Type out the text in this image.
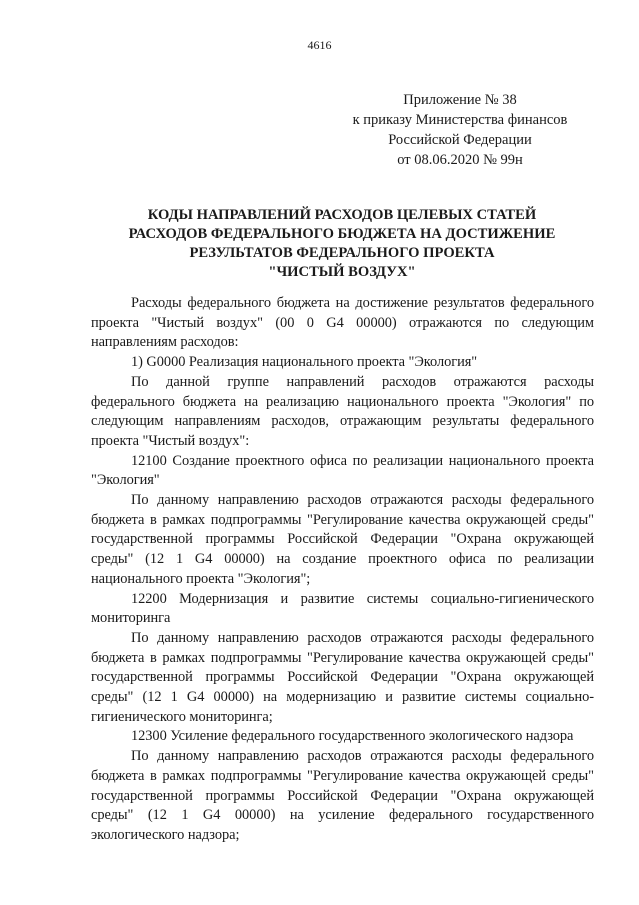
4616
Приложение № 38
к приказу Министерства финансов
Российской Федерации
от 08.06.2020 № 99н
КОДЫ НАПРАВЛЕНИЙ РАСХОДОВ ЦЕЛЕВЫХ СТАТЕЙ
РАСХОДОВ ФЕДЕРАЛЬНОГО БЮДЖЕТА НА ДОСТИЖЕНИЕ
РЕЗУЛЬТАТОВ ФЕДЕРАЛЬНОГО ПРОЕКТА
"ЧИСТЫЙ ВОЗДУХ"

Расходы федерального бюджета на достижение результатов федерального проекта "Чистый воздух" (00 0 G4 00000) отражаются по следующим направлениям расходов:

1) G0000 Реализация национального проекта "Экология"

По данной группе направлений расходов отражаются расходы федерального бюджета на реализацию национального проекта "Экология" по следующим направлениям расходов, отражающим результаты федерального проекта "Чистый воздух":

12100 Создание проектного офиса по реализации национального проекта "Экология"

По данному направлению расходов отражаются расходы федерального бюджета в рамках подпрограммы "Регулирование качества окружающей среды" государственной программы Российской Федерации "Охрана окружающей среды" (12 1 G4 00000) на создание проектного офиса по реализации национального проекта "Экология";

12200 Модернизация и развитие системы социально-гигиенического мониторинга

По данному направлению расходов отражаются расходы федерального бюджета в рамках подпрограммы "Регулирование качества окружающей среды" государственной программы Российской Федерации "Охрана окружающей среды" (12 1 G4 00000) на модернизацию и развитие системы социально-гигиенического мониторинга;

12300 Усиление федерального государственного экологического надзора

По данному направлению расходов отражаются расходы федерального бюджета в рамках подпрограммы "Регулирование качества окружающей среды" государственной программы Российской Федерации "Охрана окружающей среды" (12 1 G4 00000) на усиление федерального государственного экологического надзора;
